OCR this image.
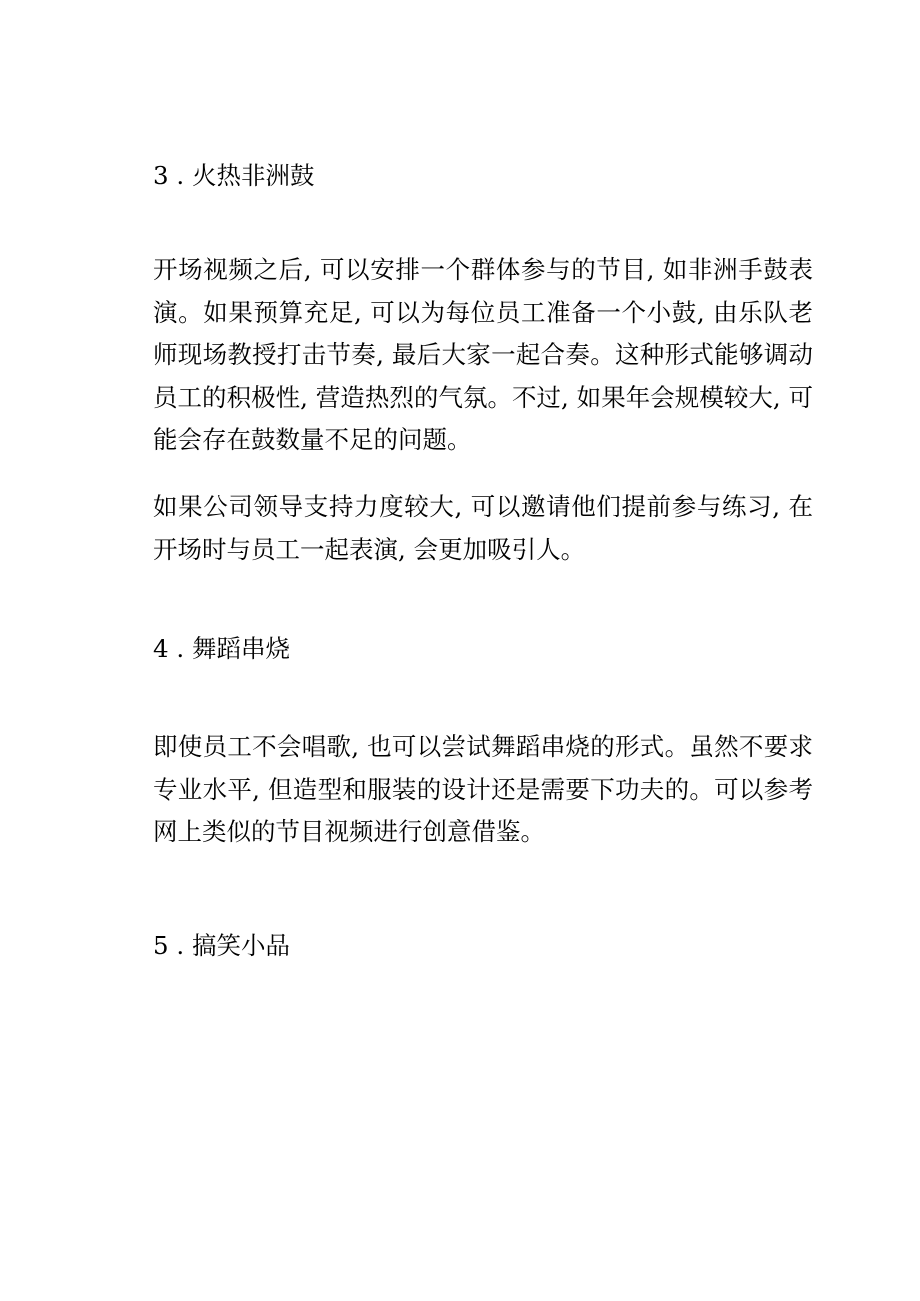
3 . 火热非洲鼓

开场视频之后, 可以安排一个群体参与的节目, 如非洲手鼓表演。如果预算充足, 可以为每位员工准备一个小鼓, 由乐队老师现场教授打击节奏, 最后大家一起合奏。这种形式能够调动员工的积极性, 营造热烈的气氛。不过, 如果年会规模较大, 可能会存在鼓数量不足的问题。

如果公司领导支持力度较大, 可以邀请他们提前参与练习, 在开场时与员工一起表演, 会更加吸引人。

4 . 舞蹈串烧

即使员工不会唱歌, 也可以尝试舞蹈串烧的形式。虽然不要求专业水平, 但造型和服装的设计还是需要下功夫的。可以参考网上类似的节目视频进行创意借鉴。

5 . 搞笑小品
